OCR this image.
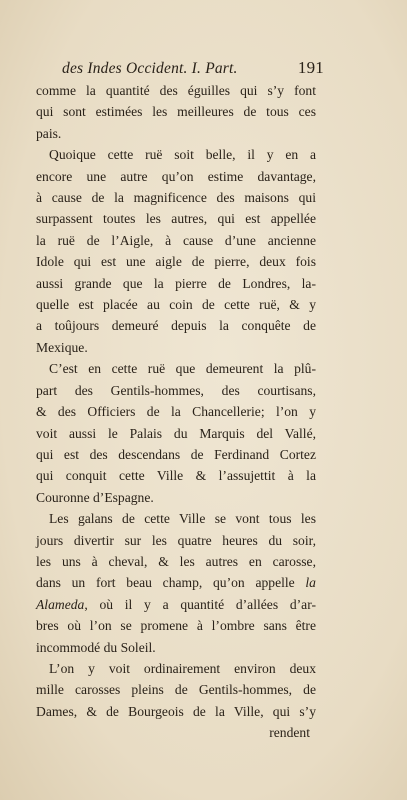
des Indes Occident. I. Part.	191

comme la quantité des éguilles qui s’y font
qui sont estimées les meilleures de tous ces
pais.

Quoique cette ruë soit belle, il y en a
encore une autre qu’on estime davantage,
à cause de la magnificence des maisons qui
surpassent toutes les autres, qui est appellée
la ruë de l’Aigle, à cause d’une ancienne
Idole qui est une aigle de pierre, deux fois
aussi grande que la pierre de Londres, la-
quelle est placée au coin de cette ruë, & y
a toûjours demeuré depuis la conquête de
Mexique.

C’est en cette ruë que demeurent la plû-
part des Gentils-hommes, des courtisans,
& des Officiers de la Chancellerie; l’on y
voit aussi le Palais du Marquis del Vallé,
qui est des descendans de Ferdinand Cortez
qui conquit cette Ville & l’assujettit à la
Couronne d’Espagne.

Les galans de cette Ville se vont tous les
jours divertir sur les quatre heures du soir,
les uns à cheval, & les autres en carosse,
dans un fort beau champ, qu’on appelle la
Alameda, où il y a quantité d’allées d’ar-
bres où l’on se promene à l’ombre sans être
incommodé du Soleil.

L’on y voit ordinairement environ deux
mille carosses pleins de Gentils-hommes, de
Dames, & de Bourgeois de la Ville, qui s’y

rendent
